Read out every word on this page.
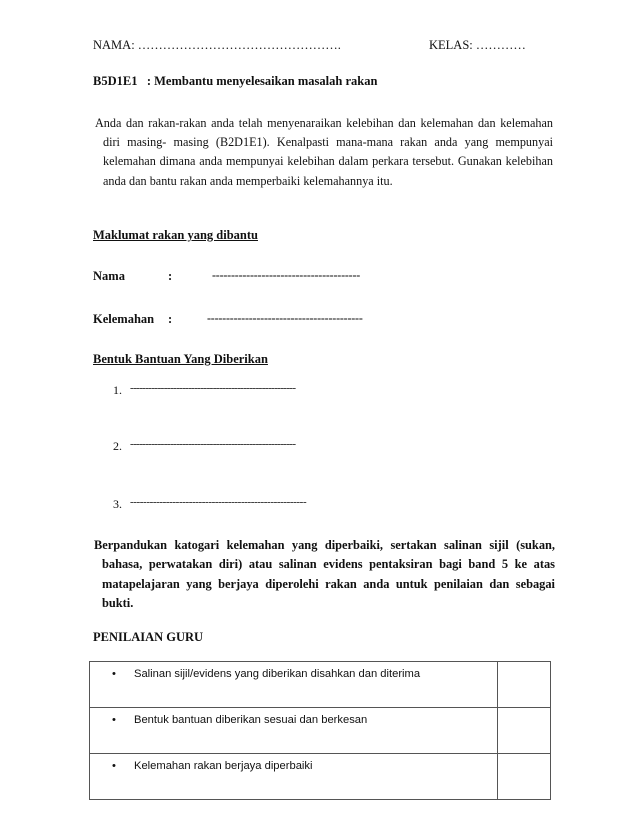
NAMA: ………………………………………….	KELAS: …………
B5D1E1   : Membantu menyelesaikan masalah rakan
Anda dan rakan-rakan anda telah menyenaraikan kelebihan dan kelemahan dan kelemahan diri masing- masing (B2D1E1). Kenalpasti mana-mana rakan anda yang mempunyai kelemahan dimana anda mempunyai kelebihan dalam perkara tersebut. Gunakan kelebihan anda dan bantu rakan anda memperbaiki kelemahannya itu.
Maklumat rakan yang dibantu
Nama	:	---------------------------------------
Kelemahan :	-----------------------------------------
Bentuk Bantuan Yang Diberikan
1. ------------------------------------------------------
2. ------------------------------------------------------
3. ------------------------------------------------------
Berpandukan katogari kelemahan yang diperbaiki, sertakan salinan sijil (sukan, bahasa, perwatakan diri) atau salinan evidens pentaksiran bagi band 5 ke atas matapelajaran yang berjaya diperolehi rakan anda untuk penilaian dan sebagai bukti.
PENILAIAN GURU
• Salinan sijil/evidens yang diberikan disahkan dan diterima	
• Bentuk bantuan diberikan sesuai dan berkesan	
• Kelemahan rakan berjaya diperbaiki	
